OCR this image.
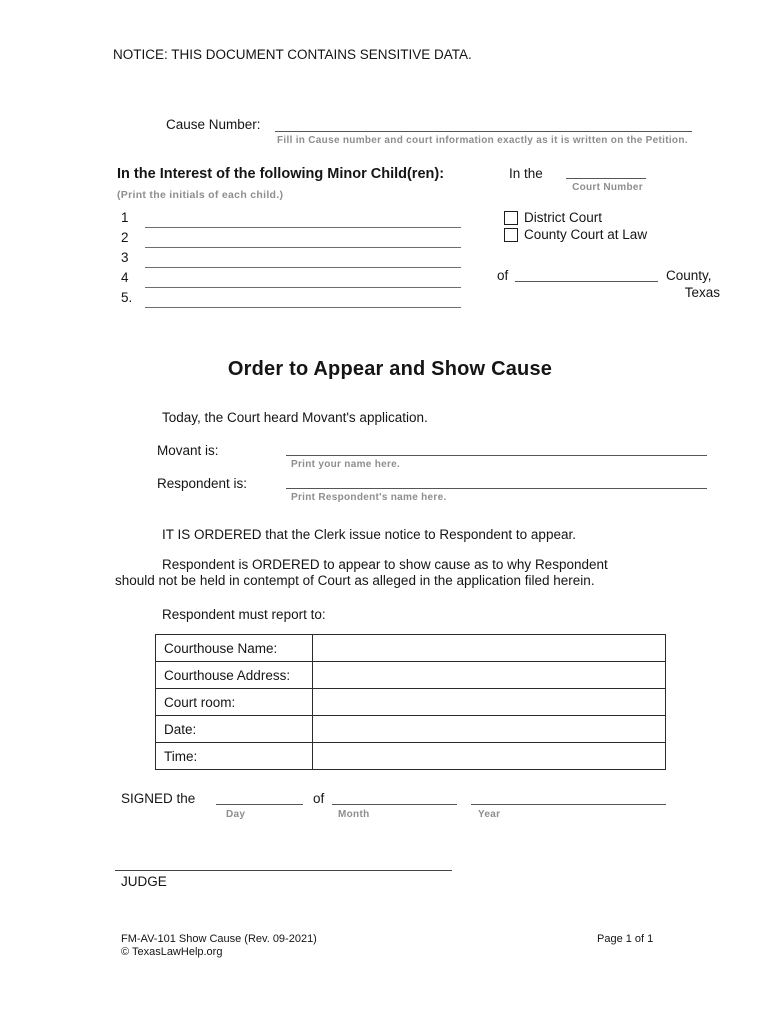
NOTICE: THIS DOCUMENT CONTAINS SENSITIVE DATA.
Cause Number:
Fill in Cause number and court information exactly as it is written on the Petition.
In the Interest of the following Minor Child(ren):
(Print the initials of each child.)
1
2
3
4
5.
In the
Court Number
District Court
County Court at Law
of	County,
Texas
Order to Appear and Show Cause
Today, the Court heard Movant's application.
Movant is:
Print your name here.
Respondent is:
Print Respondent's name here.
IT IS ORDERED that the Clerk issue notice to Respondent to appear.
Respondent is ORDERED to appear to show cause as to why Respondent
should not be held in contempt of Court as alleged in the application filed herein.
Respondent must report to:
Courthouse Name:	
Courthouse Address:	
Court room:	
Date:	
Time:	
SIGNED the	of
Day	Month	Year
JUDGE
FM-AV-101 Show Cause (Rev. 09-2021)
© TexasLawHelp.org
Page 1 of 1
